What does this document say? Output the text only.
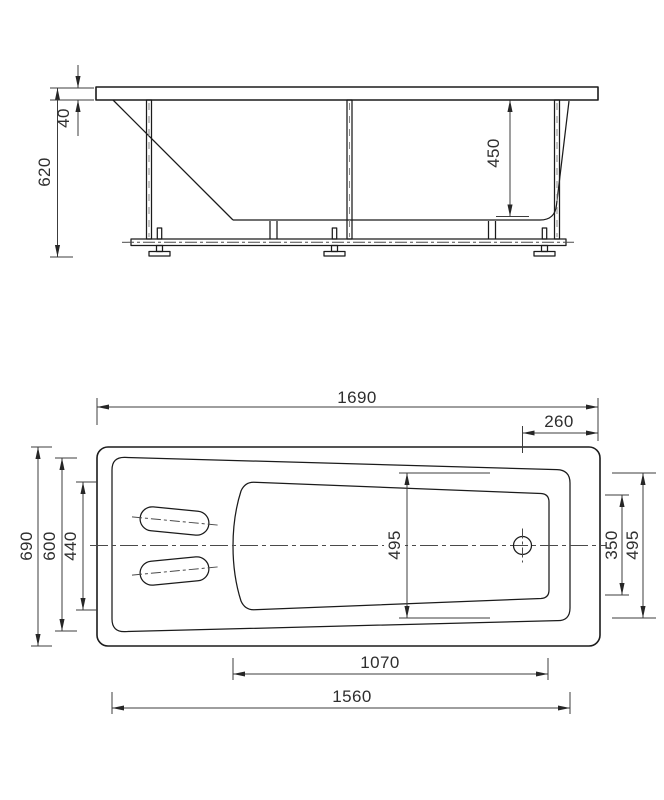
620
40
450
1690
260
690 600 440	495	350 495
1070
1560
